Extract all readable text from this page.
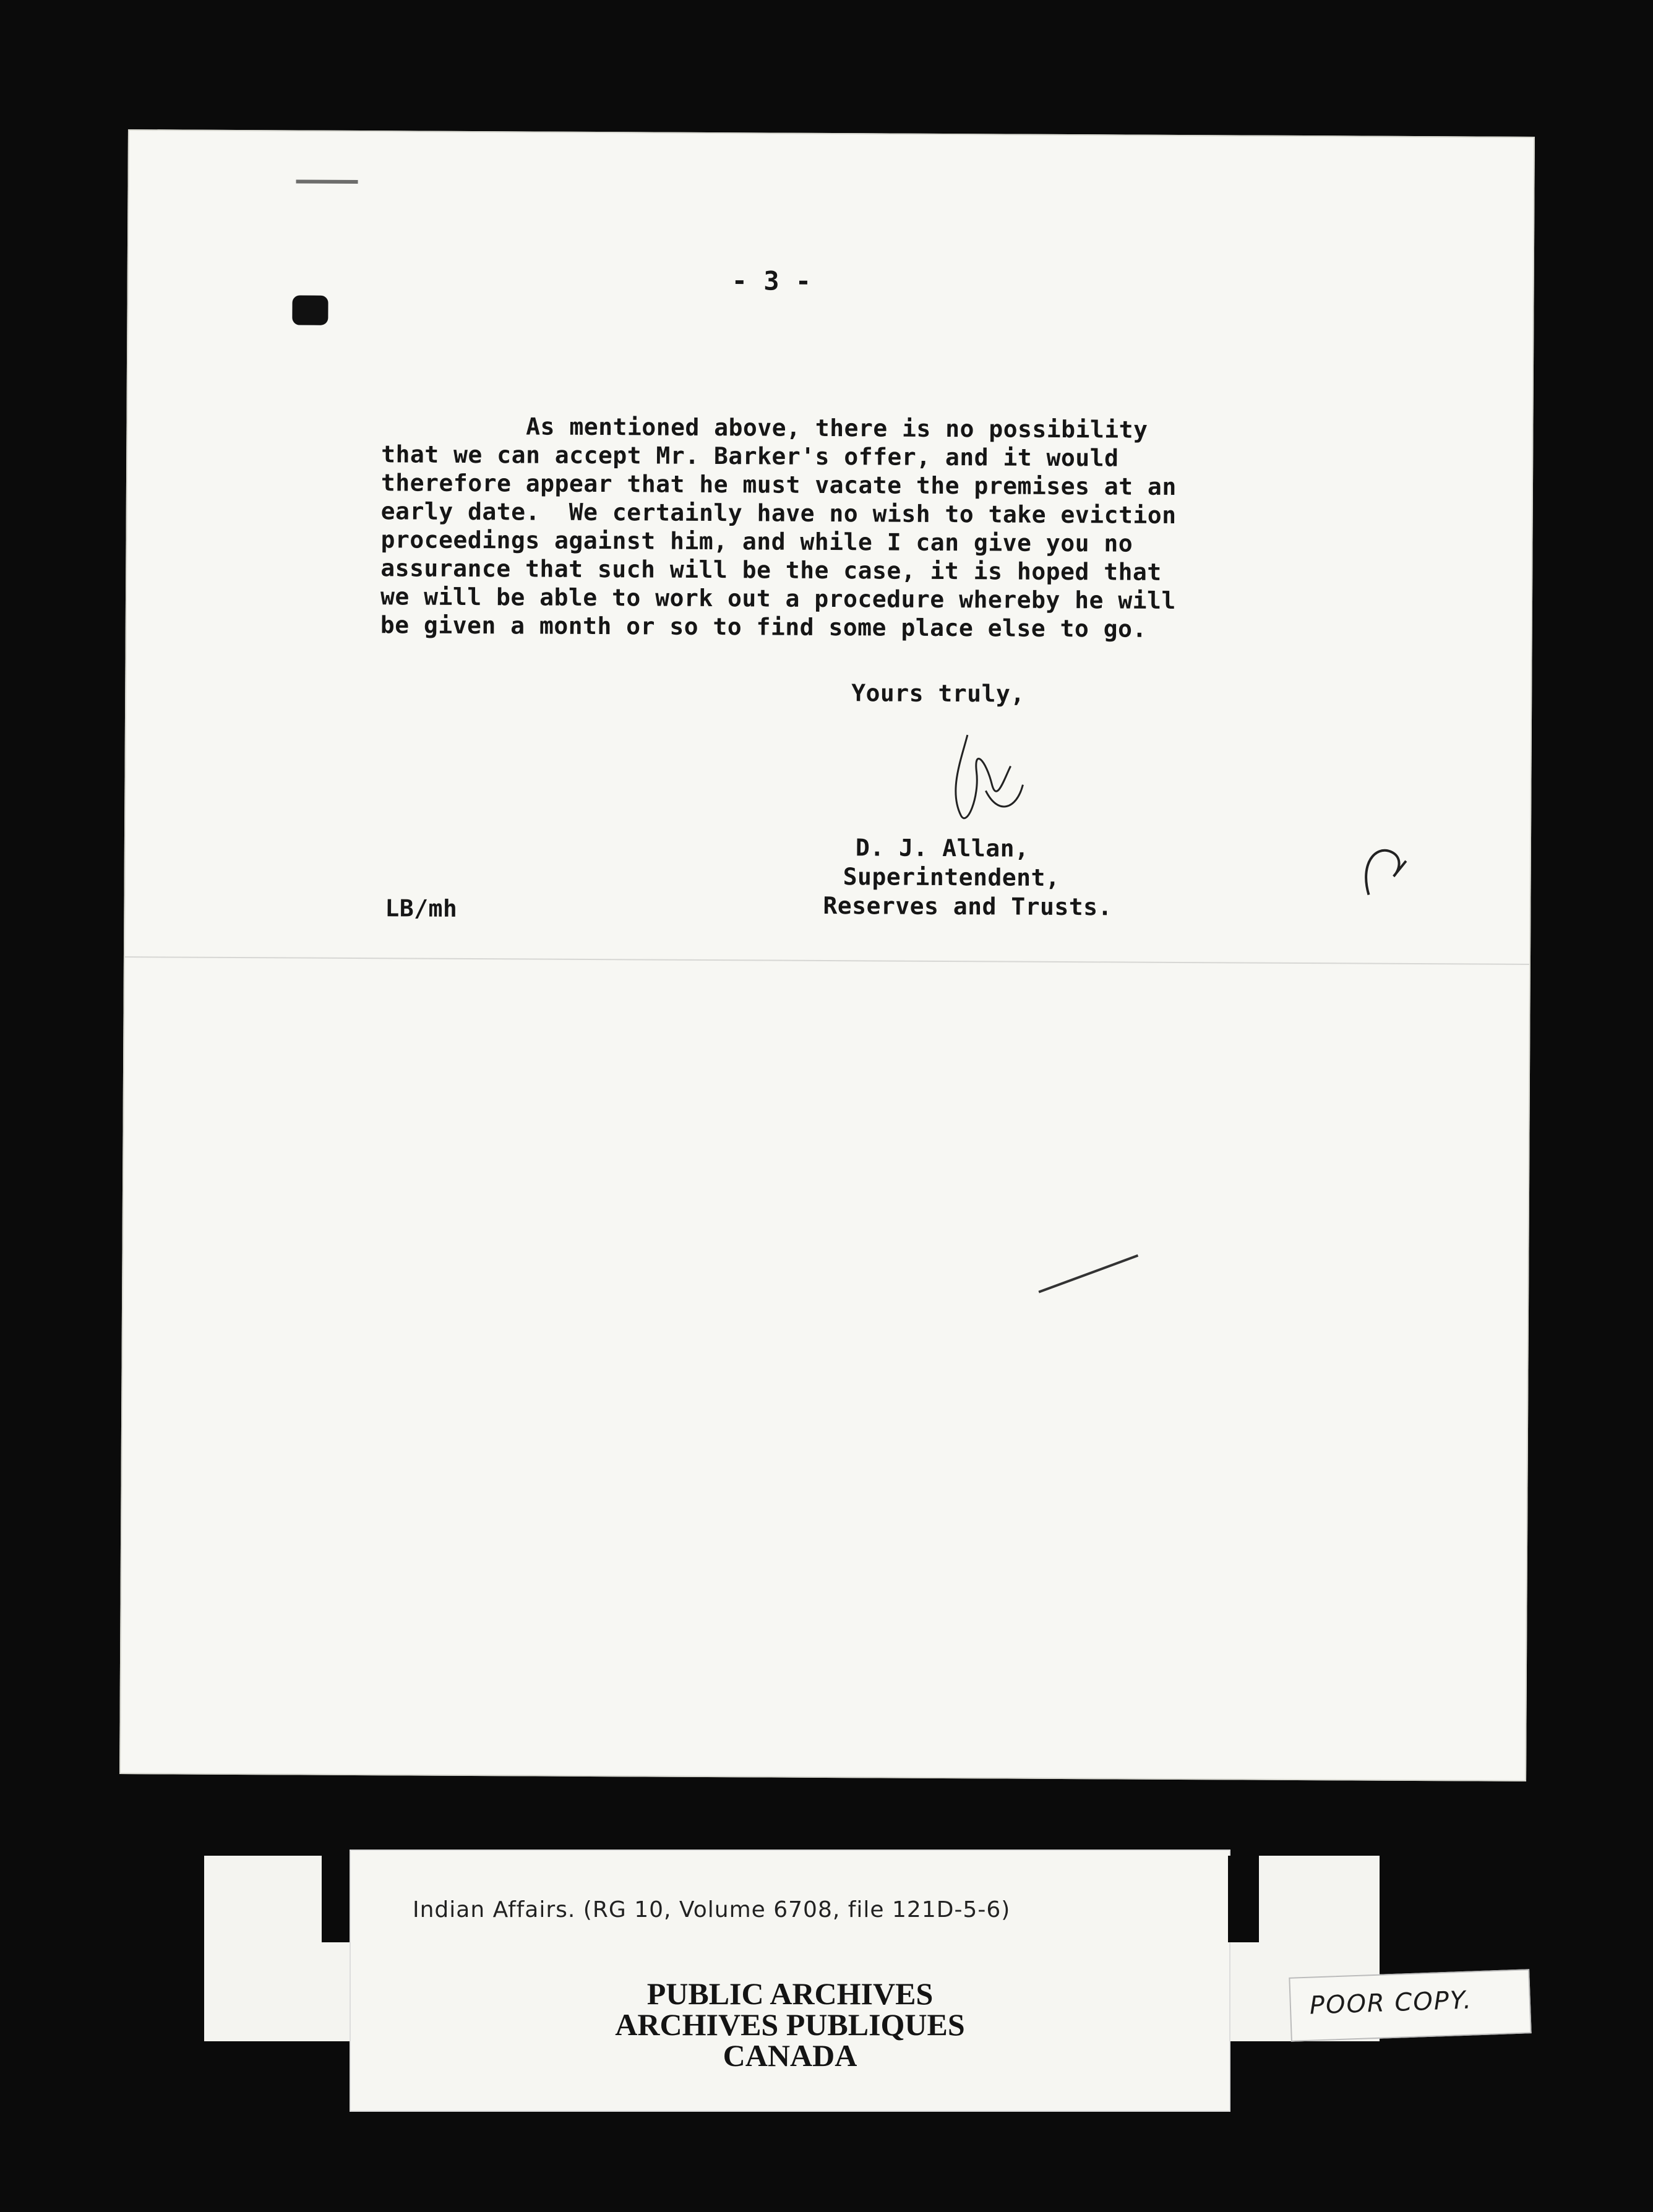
- 3 -
As mentioned above, there is no possibility
that we can accept Mr. Barker's offer, and it would
therefore appear that he must vacate the premises at an
early date.  We certainly have no wish to take eviction
proceedings against him, and while I can give you no
assurance that such will be the case, it is hoped that
we will be able to work out a procedure whereby he will
be given a month or so to find some place else to go.
Yours truly,
D. J. Allan,
Superintendent,
Reserves and Trusts.
LB/mh
Indian Affairs. (RG 10, Volume 6708, file 121D-5-6)
PUBLIC ARCHIVES
ARCHIVES PUBLIQUES
CANADA
POOR COPY.
